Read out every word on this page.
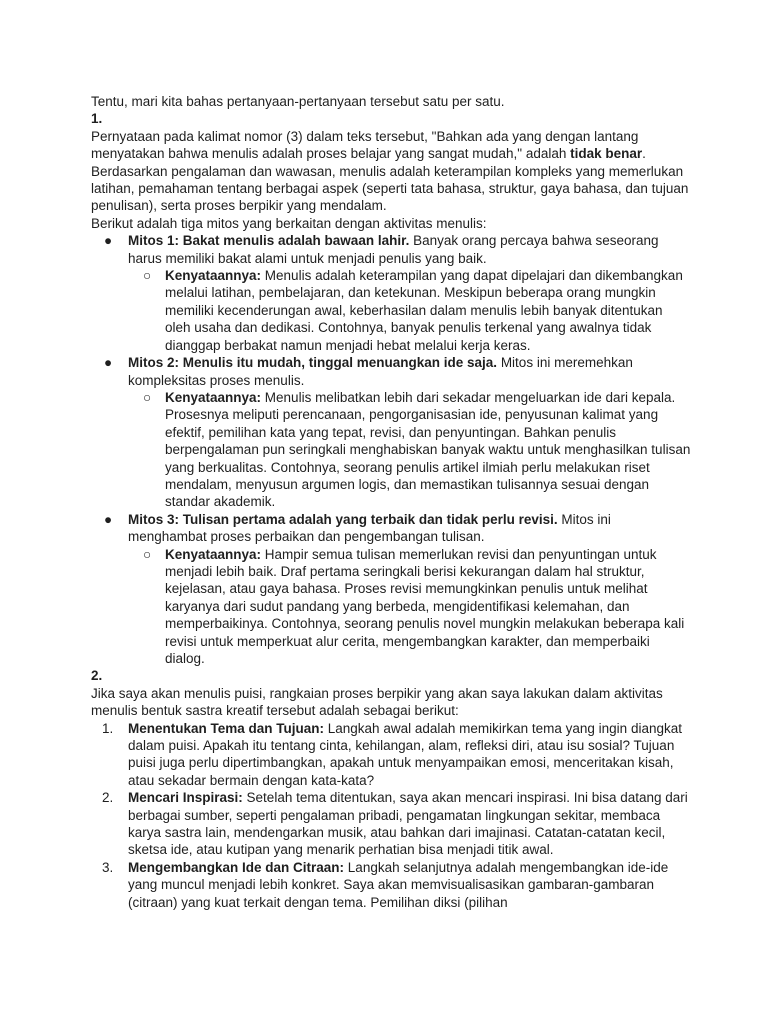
Tentu, mari kita bahas pertanyaan-pertanyaan tersebut satu per satu.

1.

Pernyataan pada kalimat nomor (3) dalam teks tersebut, "Bahkan ada yang dengan lantang menyatakan bahwa menulis adalah proses belajar yang sangat mudah," adalah tidak benar. Berdasarkan pengalaman dan wawasan, menulis adalah keterampilan kompleks yang memerlukan latihan, pemahaman tentang berbagai aspek (seperti tata bahasa, struktur, gaya bahasa, dan tujuan penulisan), serta proses berpikir yang mendalam.

Berikut adalah tiga mitos yang berkaitan dengan aktivitas menulis:

●	Mitos 1: Bakat menulis adalah bawaan lahir. Banyak orang percaya bahwa seseorang harus memiliki bakat alami untuk menjadi penulis yang baik.
○ Kenyataannya: Menulis adalah keterampilan yang dapat dipelajari dan dikembangkan melalui latihan, pembelajaran, dan ketekunan. Meskipun beberapa orang mungkin memiliki kecenderungan awal, keberhasilan dalam menulis lebih banyak ditentukan oleh usaha dan dedikasi. Contohnya, banyak penulis terkenal yang awalnya tidak dianggap berbakat namun menjadi hebat melalui kerja keras.
●	Mitos 2: Menulis itu mudah, tinggal menuangkan ide saja. Mitos ini meremehkan kompleksitas proses menulis.
○ Kenyataannya: Menulis melibatkan lebih dari sekadar mengeluarkan ide dari kepala. Prosesnya meliputi perencanaan, pengorganisasian ide, penyusunan kalimat yang efektif, pemilihan kata yang tepat, revisi, dan penyuntingan. Bahkan penulis berpengalaman pun seringkali menghabiskan banyak waktu untuk menghasilkan tulisan yang berkualitas. Contohnya, seorang penulis artikel ilmiah perlu melakukan riset mendalam, menyusun argumen logis, dan memastikan tulisannya sesuai dengan standar akademik.
●	Mitos 3: Tulisan pertama adalah yang terbaik dan tidak perlu revisi. Mitos ini menghambat proses perbaikan dan pengembangan tulisan.
○ Kenyataannya: Hampir semua tulisan memerlukan revisi dan penyuntingan untuk menjadi lebih baik. Draf pertama seringkali berisi kekurangan dalam hal struktur, kejelasan, atau gaya bahasa. Proses revisi memungkinkan penulis untuk melihat karyanya dari sudut pandang yang berbeda, mengidentifikasi kelemahan, dan memperbaikinya. Contohnya, seorang penulis novel mungkin melakukan beberapa kali revisi untuk memperkuat alur cerita, mengembangkan karakter, dan memperbaiki dialog.

2.

Jika saya akan menulis puisi, rangkaian proses berpikir yang akan saya lakukan dalam aktivitas menulis bentuk sastra kreatif tersebut adalah sebagai berikut:

1. Menentukan Tema dan Tujuan: Langkah awal adalah memikirkan tema yang ingin diangkat dalam puisi. Apakah itu tentang cinta, kehilangan, alam, refleksi diri, atau isu sosial? Tujuan puisi juga perlu dipertimbangkan, apakah untuk menyampaikan emosi, menceritakan kisah, atau sekadar bermain dengan kata-kata?
2. Mencari Inspirasi: Setelah tema ditentukan, saya akan mencari inspirasi. Ini bisa datang dari berbagai sumber, seperti pengalaman pribadi, pengamatan lingkungan sekitar, membaca karya sastra lain, mendengarkan musik, atau bahkan dari imajinasi. Catatan-catatan kecil, sketsa ide, atau kutipan yang menarik perhatian bisa menjadi titik awal.
3. Mengembangkan Ide dan Citraan: Langkah selanjutnya adalah mengembangkan ide-ide yang muncul menjadi lebih konkret. Saya akan memvisualisasikan gambaran-gambaran (citraan) yang kuat terkait dengan tema. Pemilihan diksi (pilihan
